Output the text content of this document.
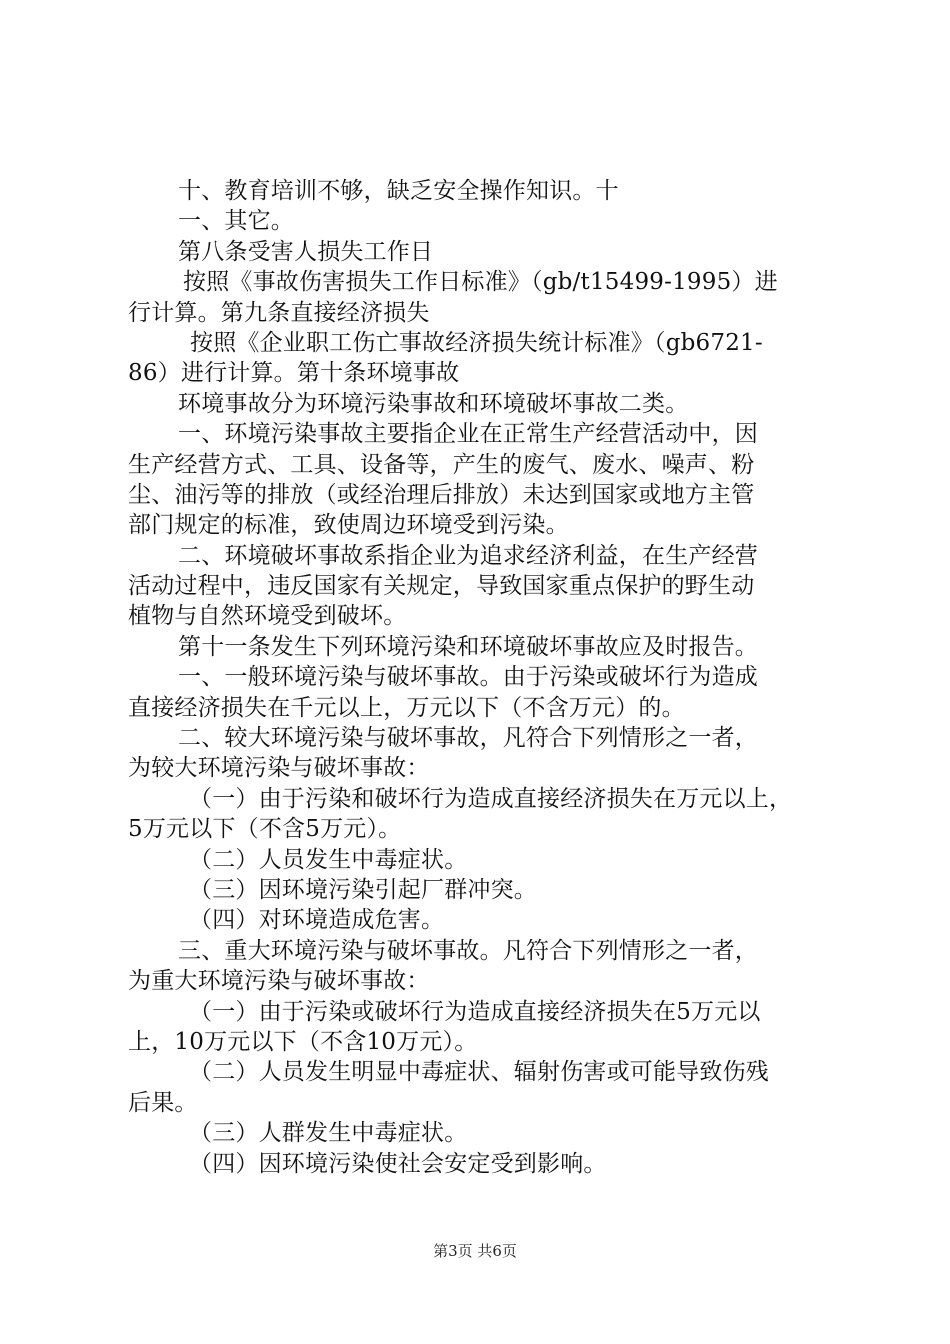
十、教育培训不够，缺乏安全操作知识。十
一、其它。
第八条受害人损失工作日
按照《事故伤害损失工作日标准》（gb/t15499-1995）进
行计算。第九条直接经济损失
按照《企业职工伤亡事故经济损失统计标准》（gb6721-
86）进行计算。第十条环境事故
环境事故分为环境污染事故和环境破坏事故二类。
一、环境污染事故主要指企业在正常生产经营活动中，因
生产经营方式、工具、设备等，产生的废气、废水、噪声、粉
尘、油污等的排放（或经治理后排放）未达到国家或地方主管
部门规定的标准，致使周边环境受到污染。
二、环境破坏事故系指企业为追求经济利益，在生产经营
活动过程中，违反国家有关规定，导致国家重点保护的野生动
植物与自然环境受到破坏。
第十一条发生下列环境污染和环境破坏事故应及时报告。
一、一般环境污染与破坏事故。由于污染或破坏行为造成
直接经济损失在千元以上，万元以下（不含万元）的。
二、较大环境污染与破坏事故，凡符合下列情形之一者，
为较大环境污染与破坏事故：
（一）由于污染和破坏行为造成直接经济损失在万元以上，
5万元以下（不含5万元）。
（二）人员发生中毒症状。
（三）因环境污染引起厂群冲突。
（四）对环境造成危害。
三、重大环境污染与破坏事故。凡符合下列情形之一者，
为重大环境污染与破坏事故：
（一）由于污染或破坏行为造成直接经济损失在5万元以
上，10万元以下（不含10万元）。
（二）人员发生明显中毒症状、辐射伤害或可能导致伤残
后果。
（三）人群发生中毒症状。
（四）因环境污染使社会安定受到影响。
第3页 共6页
